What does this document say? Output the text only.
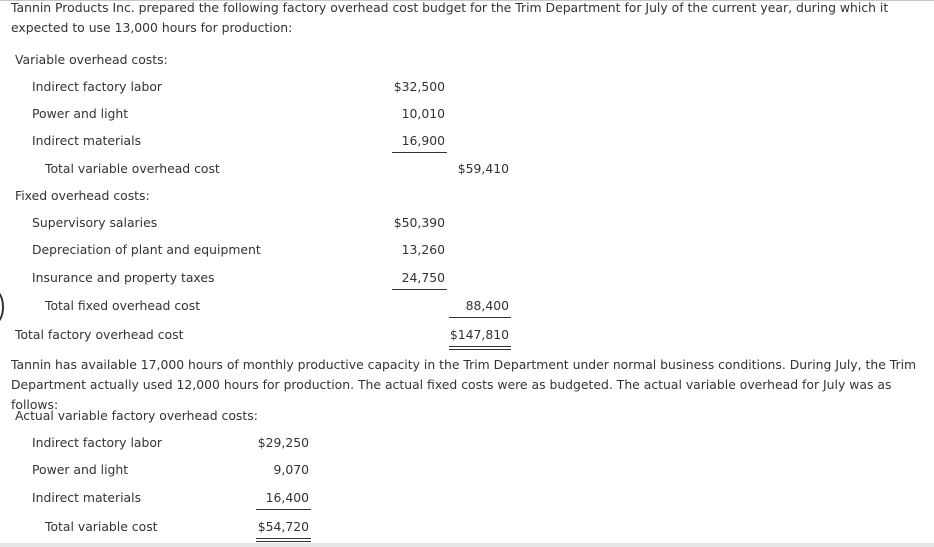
Tannin Products Inc. prepared the following factory overhead cost budget for the Trim Department for July of the current year, during which it expected to use 13,000 hours for production:

Variable overhead costs:
Indirect factory labor	$32,500
Power and light	10,010
Indirect materials	16,900
Total variable overhead cost	$59,410
Fixed overhead costs:
Supervisory salaries	$50,390
Depreciation of plant and equipment	13,260
Insurance and property taxes	24,750
Total fixed overhead cost	88,400
Total factory overhead cost	$147,810

Tannin has available 17,000 hours of monthly productive capacity in the Trim Department under normal business conditions. During July, the Trim Department actually used 12,000 hours for production. The actual fixed costs were as budgeted. The actual variable overhead for July was as follows:

Actual variable factory overhead costs:
Indirect factory labor	$29,250
Power and light	9,070
Indirect materials	16,400
Total variable cost	$54,720
